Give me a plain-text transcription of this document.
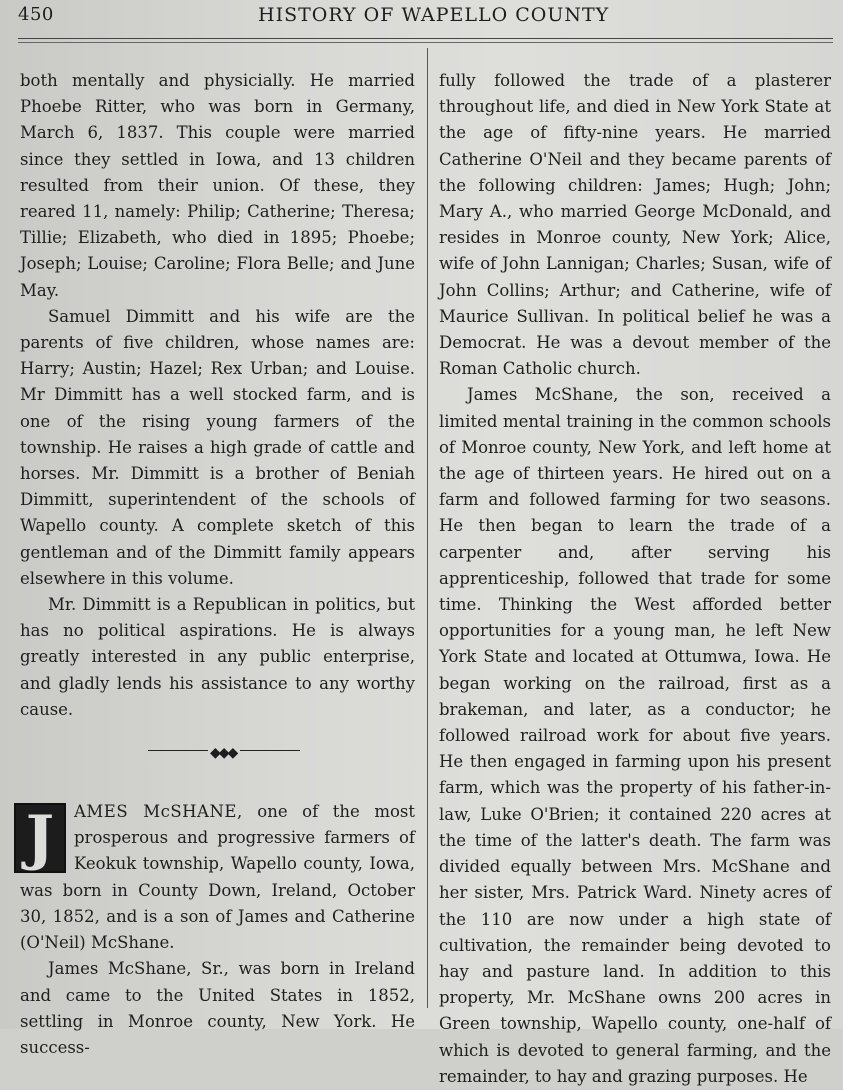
450	HISTORY OF WAPELLO COUNTY

both mentally and physicially. He married Phoebe Ritter, who was born in Germany, March 6, 1837. This couple were married since they settled in Iowa, and 13 children resulted from their union. Of these, they reared 11, namely: Philip; Catherine; Theresa; Tillie; Elizabeth, who died in 1895; Phoebe; Joseph; Louise; Caroline; Flora Belle; and June May.

Samuel Dimmitt and his wife are the parents of five children, whose names are: Harry; Austin; Hazel; Rex Urban; and Louise. Mr Dimmitt has a well stocked farm, and is one of the rising young farmers of the township. He raises a high grade of cattle and horses. Mr. Dimmitt is a brother of Beniah Dimmitt, superintendent of the schools of Wapello county. A complete sketch of this gentleman and of the Dimmitt family appears elsewhere in this volume.

Mr. Dimmitt is a Republican in politics, but has no political aspirations. He is always greatly interested in any public enterprise, and gladly lends his assistance to any worthy cause.

◆◆◆
J	AMES McSHANE, one of the most prosperous and progressive farmers of Keokuk township, Wapello county, Iowa, was born in County Down, Ireland, October 30, 1852, and is a son of James and Catherine (O'Neil) McShane.

James McShane, Sr., was born in Ireland and came to the United States in 1852, settling in Monroe county, New York. He success-

fully followed the trade of a plasterer throughout life, and died in New York State at the age of fifty-nine years. He married Catherine O'Neil and they became parents of the following children: James; Hugh; John; Mary A., who married George McDonald, and resides in Monroe county, New York; Alice, wife of John Lannigan; Charles; Susan, wife of John Collins; Arthur; and Catherine, wife of Maurice Sullivan. In political belief he was a Democrat. He was a devout member of the Roman Catholic church.

James McShane, the son, received a limited mental training in the common schools of Monroe county, New York, and left home at the age of thirteen years. He hired out on a farm and followed farming for two seasons. He then began to learn the trade of a carpenter and, after serving his apprenticeship, followed that trade for some time. Thinking the West afforded better opportunities for a young man, he left New York State and located at Ottumwa, Iowa. He began working on the railroad, first as a brakeman, and later, as a conductor; he followed railroad work for about five years. He then engaged in farming upon his present farm, which was the property of his father-in-law, Luke O'Brien; it contained 220 acres at the time of the latter's death. The farm was divided equally between Mrs. McShane and her sister, Mrs. Patrick Ward. Ninety acres of the 110 are now under a high state of cultivation, the remainder being devoted to hay and pasture land. In addition to this property, Mr. McShane owns 200 acres in Green township, Wapello county, one-half of which is devoted to general farming, and the remainder, to hay and grazing purposes. He
